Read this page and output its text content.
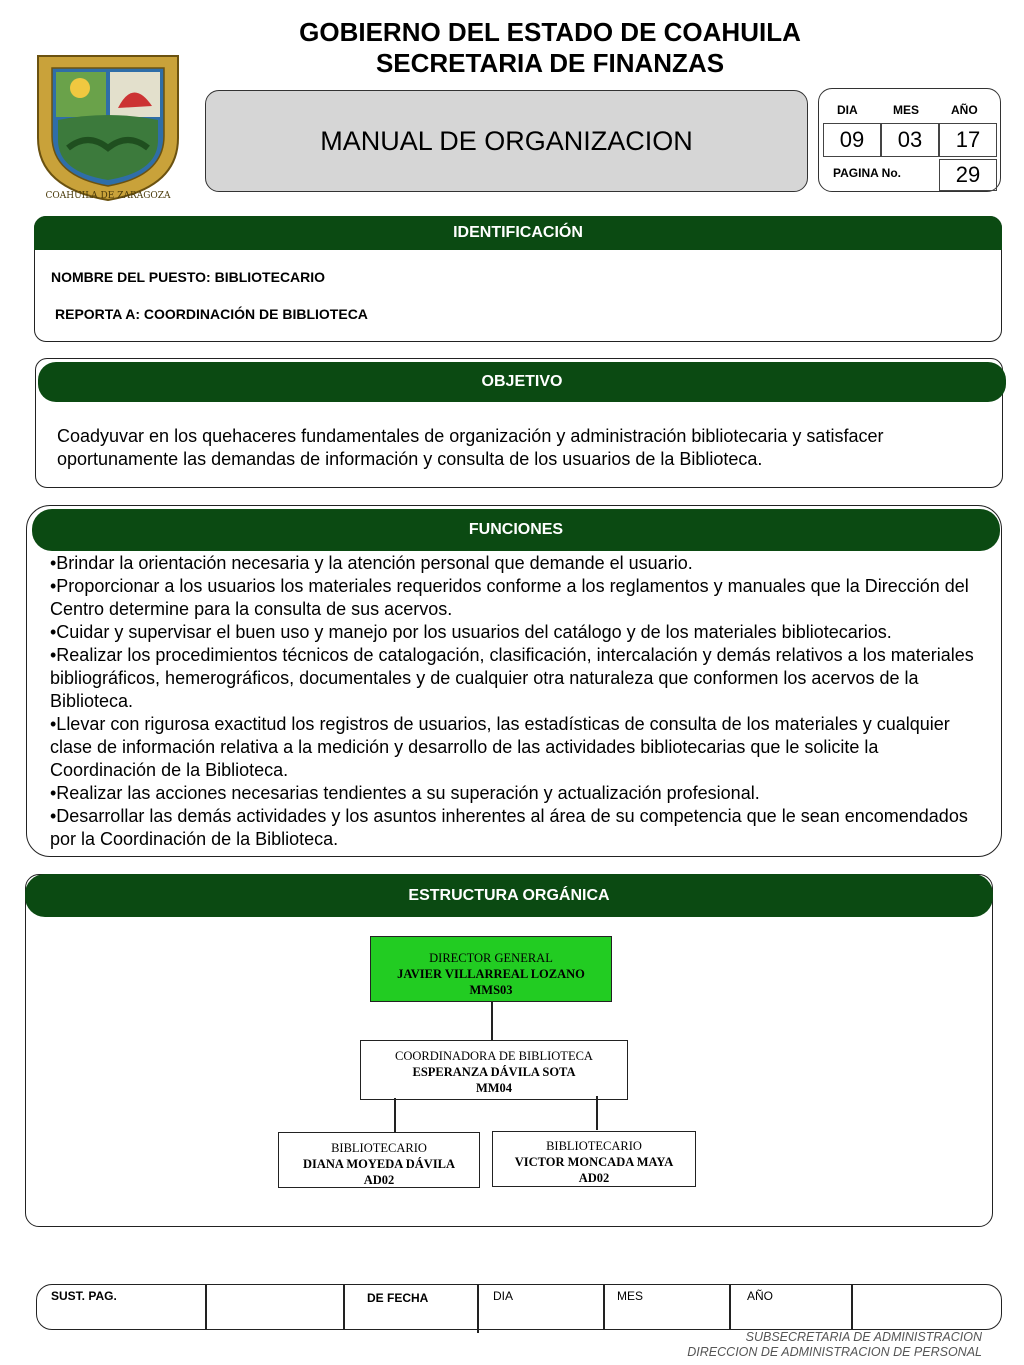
GOBIERNO DEL ESTADO DE COAHUILA
SECRETARIA DE FINANZAS
COAHUILA DE ZARAGOZA
MANUAL DE ORGANIZACION
DIA	MES	AÑO
09	03	17
PAGINA No.	29
IDENTIFICACIÓN
NOMBRE DEL PUESTO: BIBLIOTECARIO
REPORTA A: COORDINACIÓN DE BIBLIOTECA
OBJETIVO
Coadyuvar en los quehaceres fundamentales de organización y administración bibliotecaria y satisfacer oportunamente las demandas de información y consulta de los usuarios de la Biblioteca.
FUNCIONES
•Brindar la orientación necesaria y la atención personal que demande el usuario.
•Proporcionar a los usuarios los materiales requeridos conforme a los reglamentos y manuales que la Dirección del Centro determine para la consulta de sus acervos.
•Cuidar y supervisar el buen uso y manejo por los usuarios del catálogo y de los materiales bibliotecarios.
•Realizar los procedimientos técnicos de catalogación, clasificación, intercalación y demás relativos a los materiales bibliográficos, hemerográficos, documentales y de cualquier otra naturaleza que conformen los acervos de la Biblioteca.
•Llevar con rigurosa exactitud los registros de usuarios, las estadísticas de consulta de los materiales y cualquier clase de información relativa a la medición y desarrollo de las actividades bibliotecarias que le solicite la Coordinación de la Biblioteca.
•Realizar las acciones necesarias tendientes a su superación y actualización profesional.
•Desarrollar las demás actividades y los asuntos inherentes al área de su competencia que le sean encomendados por la Coordinación de la Biblioteca.
ESTRUCTURA ORGÁNICA
DIRECTOR GENERAL
JAVIER VILLARREAL LOZANO
MMS03
COORDINADORA DE BIBLIOTECA
ESPERANZA DÁVILA SOTA
MM04
BIBLIOTECARIO
DIANA MOYEDA DÁVILA
AD02
BIBLIOTECARIO
VICTOR MONCADA MAYA
AD02
SUST. PAG.	DE FECHA	DIA	MES	AÑO
SUBSECRETARIA DE ADMINISTRACION
DIRECCION DE ADMINISTRACION DE PERSONAL
